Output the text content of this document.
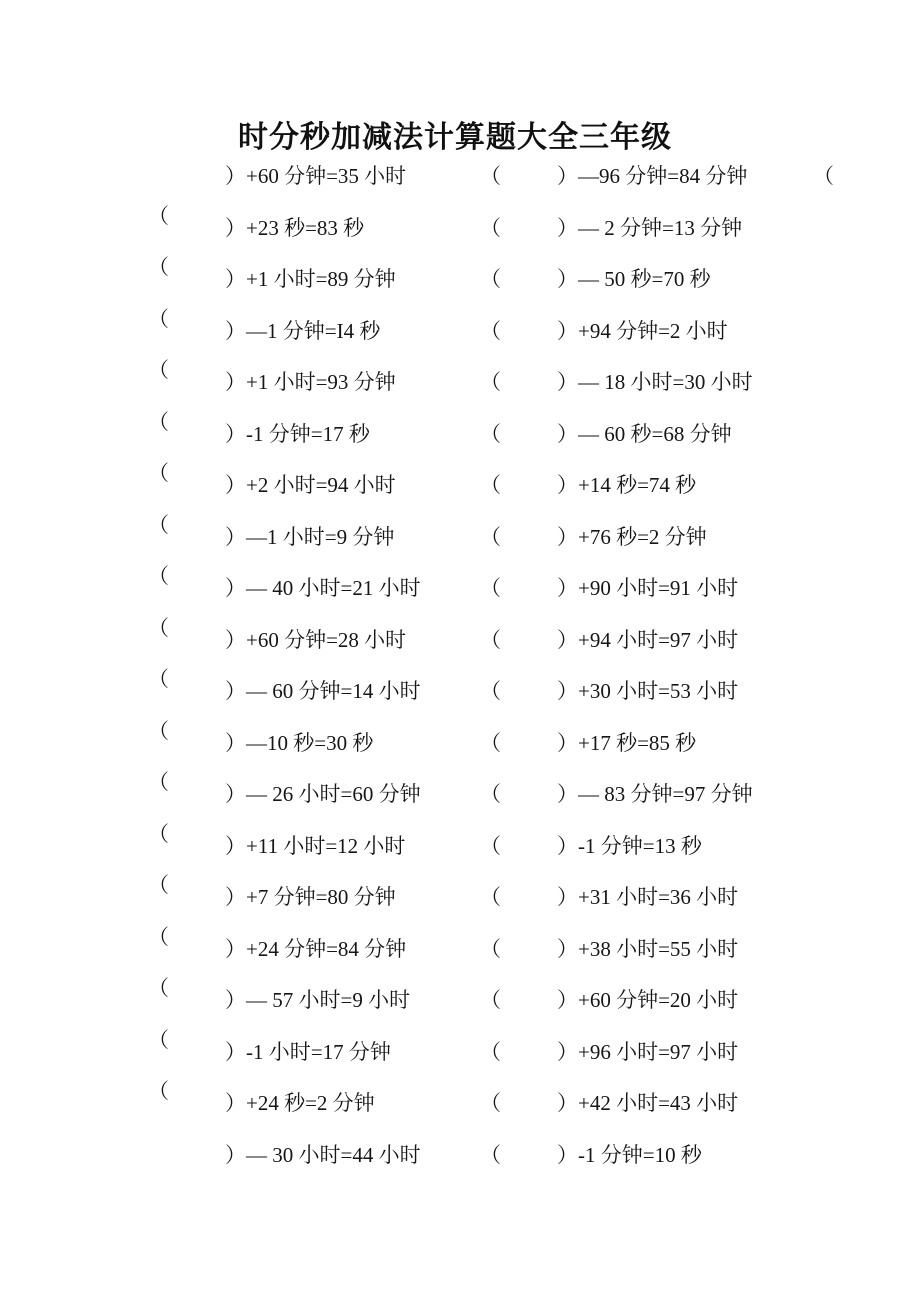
时分秒加减法计算题大全三年级
）+60 分钟=35 小时	（	）—96 分钟=84 分钟	（
（	）+23 秒=83 秒	（	）— 2 分钟=13 分钟
（	）+1 小时=89 分钟	（	）— 50 秒=70 秒
（	）—1 分钟=I4 秒	（	）+94 分钟=2 小时
（	）+1 小时=93 分钟	（	）— 18 小时=30 小时
（	）-1 分钟=17 秒	（	）— 60 秒=68 分钟
（	）+2 小时=94 小时	（	）+14 秒=74 秒
（	）—1 小时=9 分钟	（	）+76 秒=2 分钟
（	）— 40 小时=21 小时	（	）+90 小时=91 小时
（	）+60 分钟=28 小时	（	）+94 小时=97 小时
（	）— 60 分钟=14 小时	（	）+30 小时=53 小时
（	）—10 秒=30 秒	（	）+17 秒=85 秒
（	）— 26 小时=60 分钟	（	）— 83 分钟=97 分钟
（	）+11 小时=12 小时	（	）-1 分钟=13 秒
（	）+7 分钟=80 分钟	（	）+31 小时=36 小时
（	）+24 分钟=84 分钟	（	）+38 小时=55 小时
（	）— 57 小时=9 小时	（	）+60 分钟=20 小时
（	）-1 小时=17 分钟	（	）+96 小时=97 小时
（	）+24 秒=2 分钟	（	）+42 小时=43 小时
）— 30 小时=44 小时	（	）-1 分钟=10 秒
